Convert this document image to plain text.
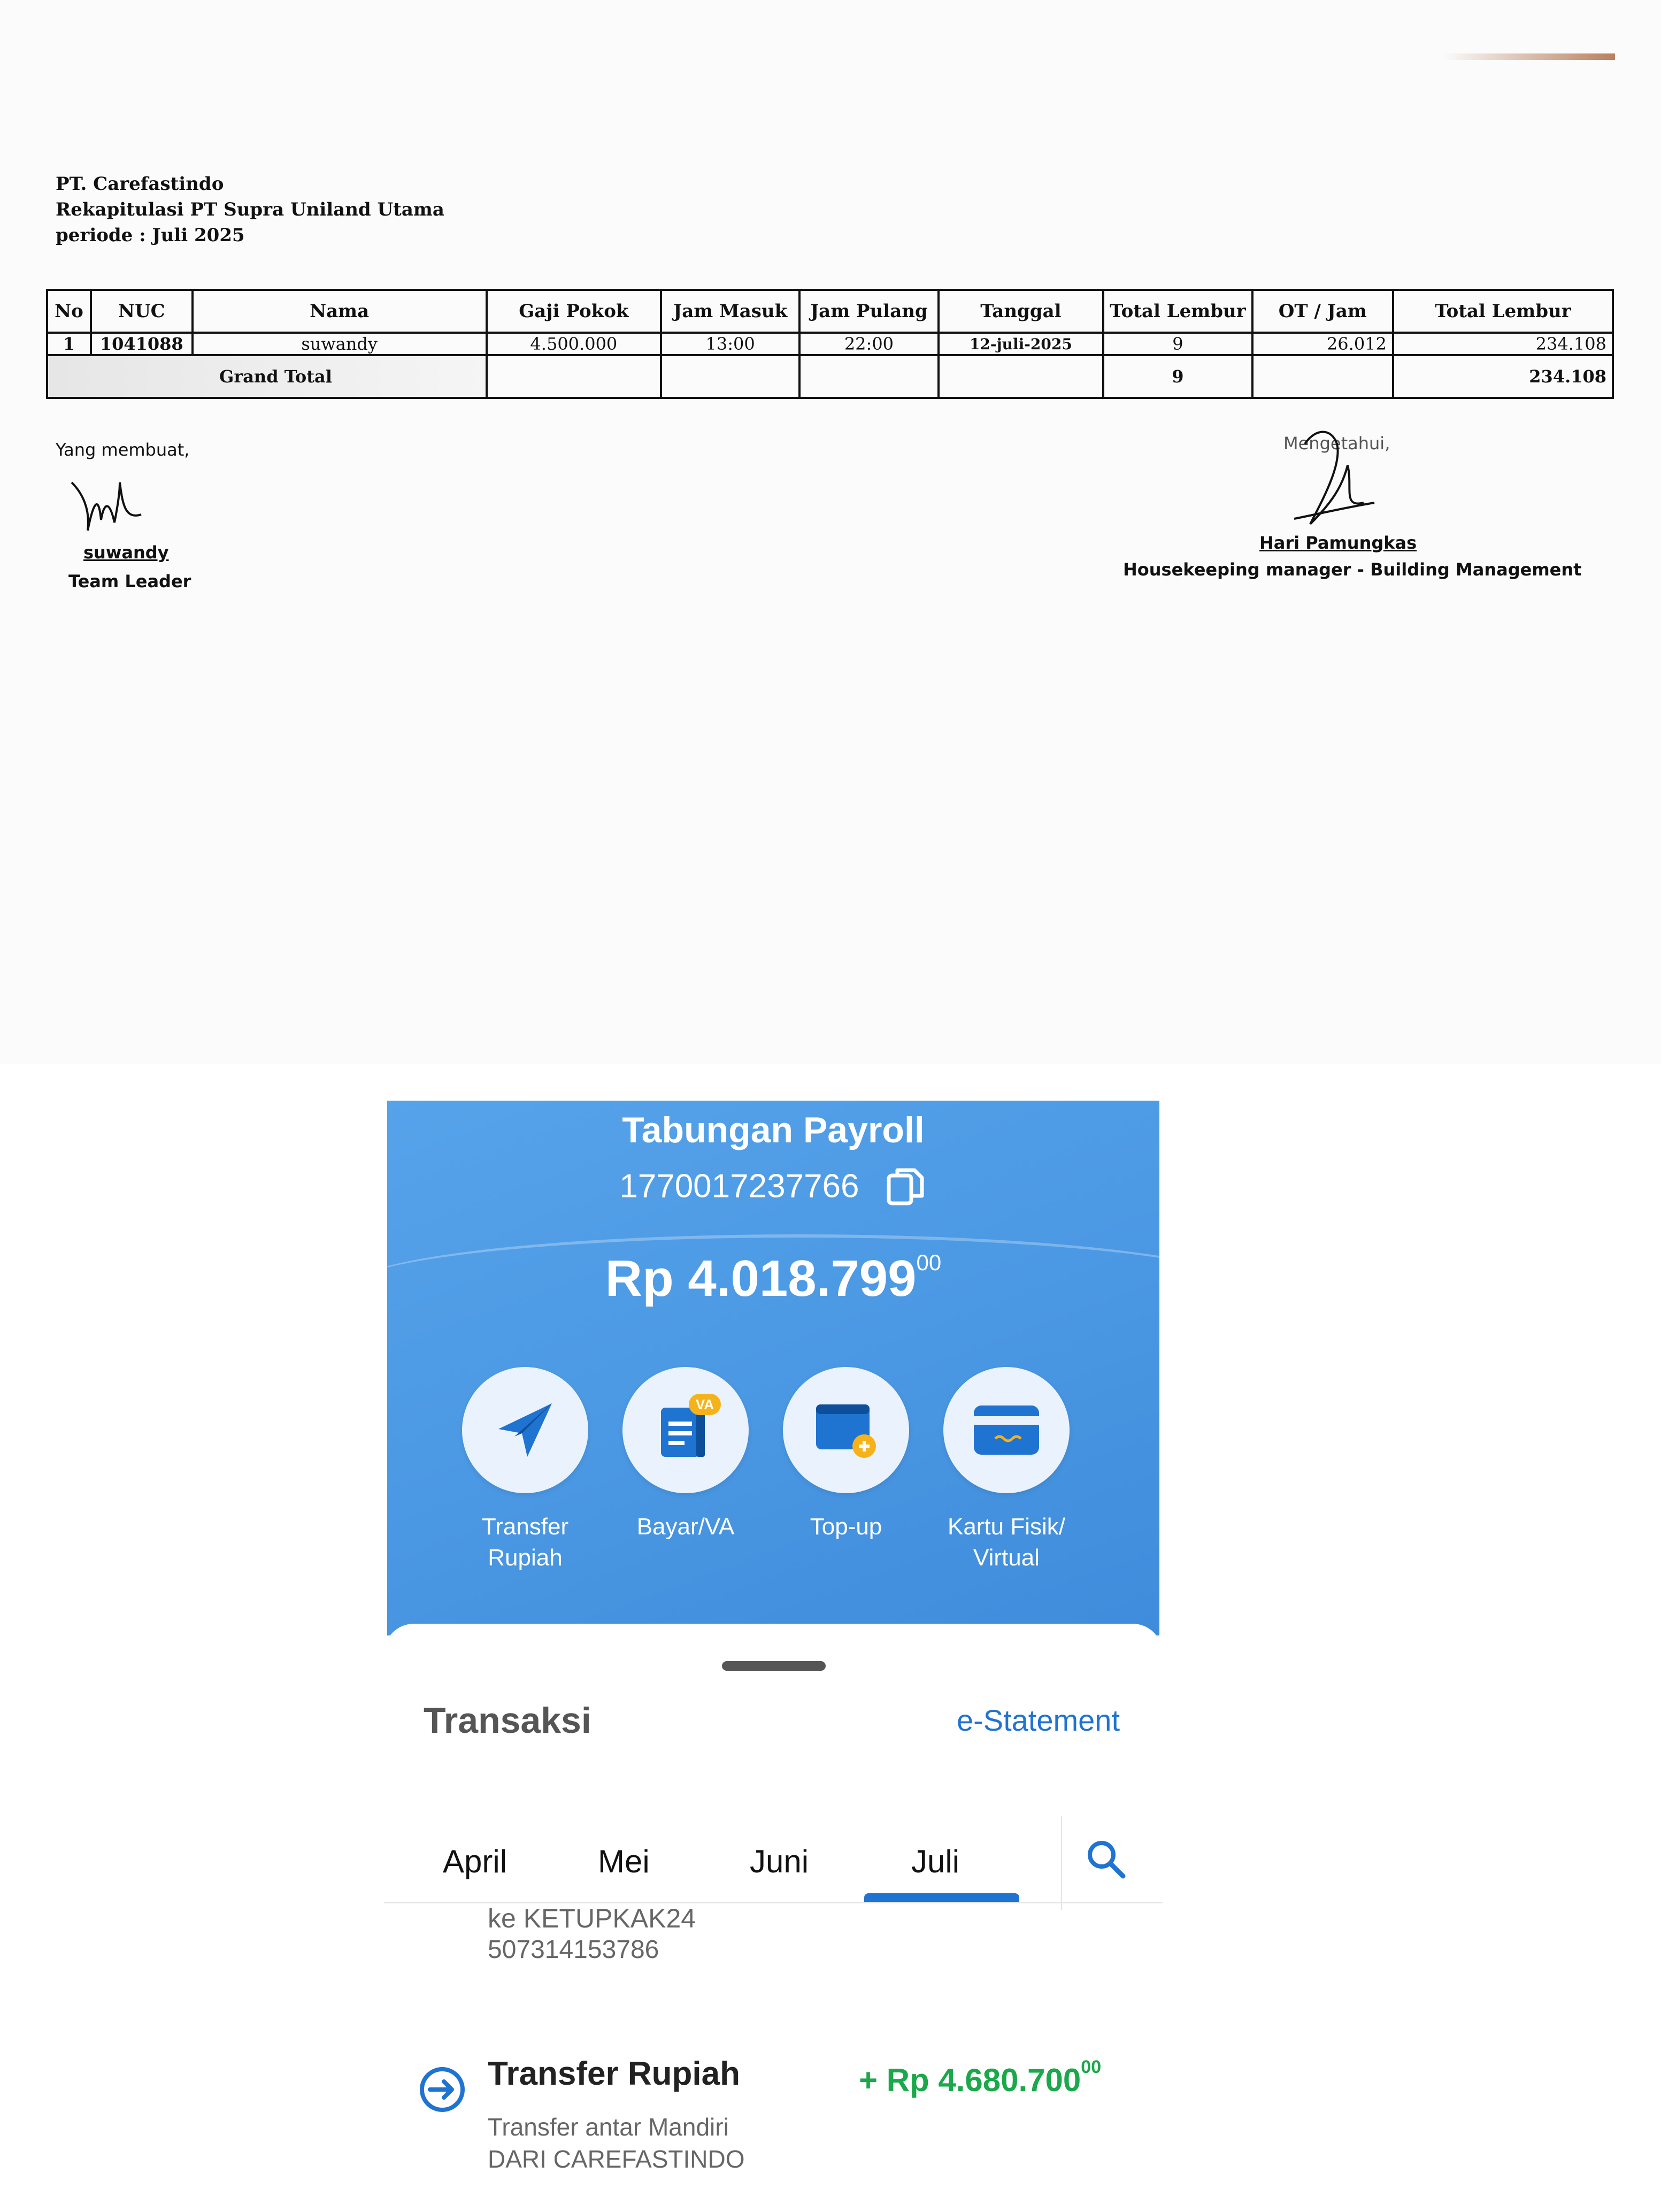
PT. Carefastindo
Rekapitulasi PT Supra Uniland Utama
periode : Juli 2025
No	NUC	Nama	Gaji Pokok	Jam Masuk	Jam Pulang	Tanggal	Total Lembur	OT / Jam	Total Lembur
1	1041088	suwandy	4.500.000	13:00	22:00	12-juli-2025	9	26.012	234.108
Grand Total							9		234.108
Yang membuat,
suwandy
Team Leader
Mengetahui,
Hari Pamungkas
Housekeeping manager - Building Management
Tabungan Payroll
1770017237766
Rp 4.018.799$^{00}$
Transfer
Rupiah
VA
Bayar/VA	Top-up	Kartu Fisik/
Virtual
Transaksi	e-Statement
April	Mei	Juni	Juli
ke KETUPKAK24
507314153786
Transfer Rupiah	+ Rp 4.680.700$^{00}$
Transfer antar Mandiri
DARI CAREFASTINDO
